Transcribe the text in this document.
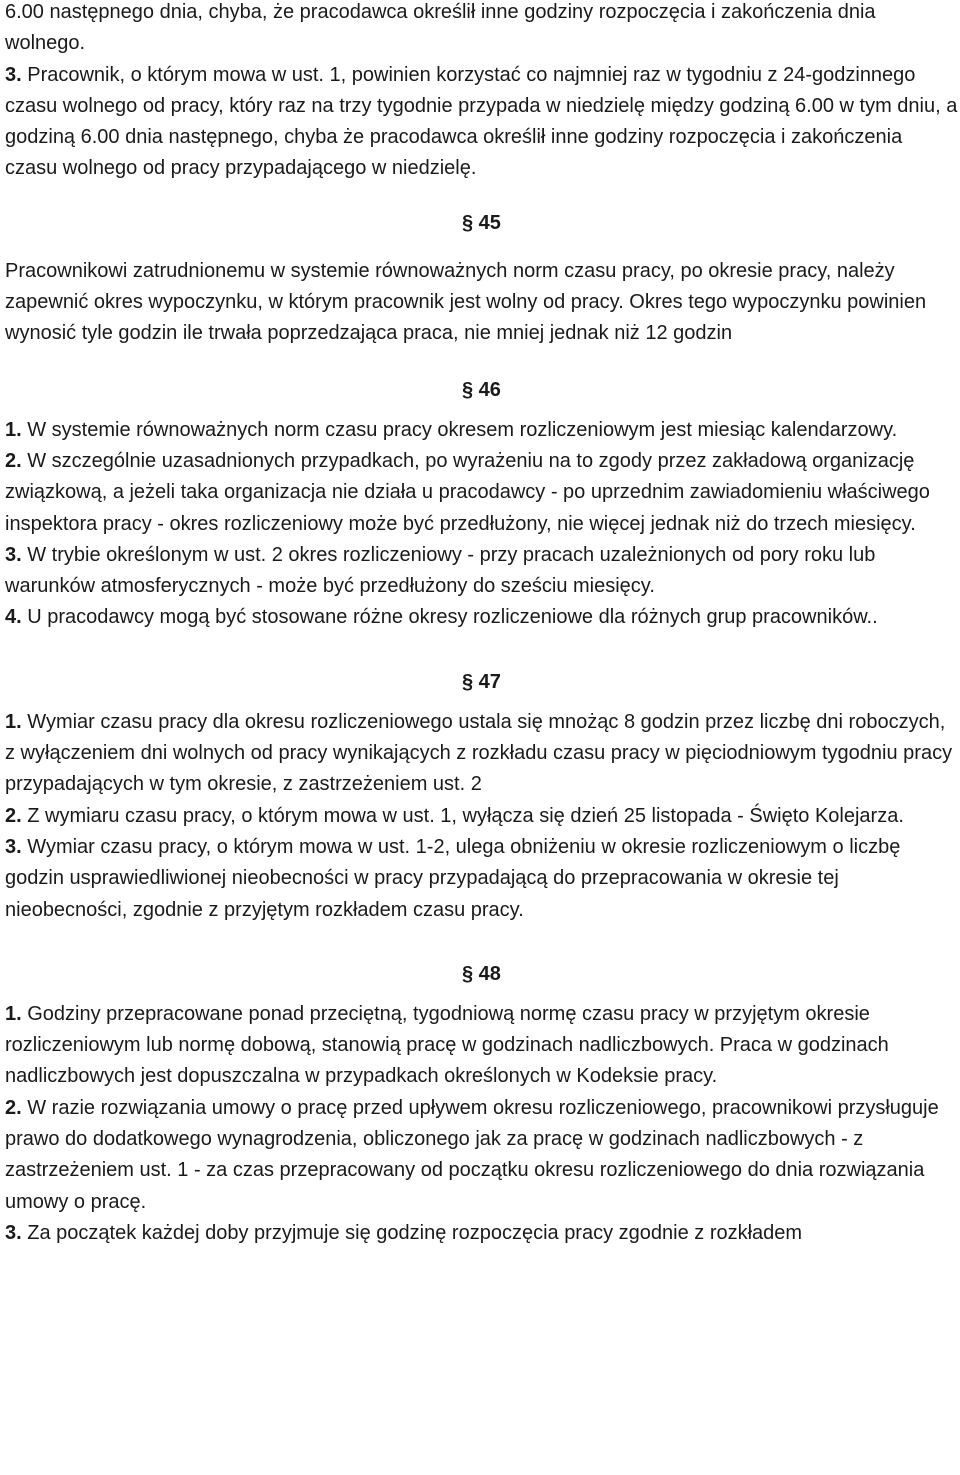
6.00 następnego dnia, chyba, że pracodawca określił inne godziny rozpoczęcia i zakończenia dnia wolnego.
3. Pracownik, o którym mowa w ust. 1, powinien korzystać co najmniej raz w tygodniu z 24-godzinnego czasu wolnego od pracy, który raz na trzy tygodnie przypada w niedzielę między godziną 6.00 w tym dniu, a godziną 6.00 dnia następnego, chyba że pracodawca określił inne godziny rozpoczęcia i zakończenia czasu wolnego od pracy przypadającego w niedzielę.

§ 45

Pracownikowi zatrudnionemu w systemie równoważnych norm czasu pracy, po okresie pracy, należy zapewnić okres wypoczynku, w którym pracownik jest wolny od pracy. Okres tego wypoczynku powinien wynosić tyle godzin ile trwała poprzedzająca praca, nie mniej jednak niż 12 godzin

§ 46

1. W systemie równoważnych norm czasu pracy okresem rozliczeniowym jest miesiąc kalendarzowy.
2. W szczególnie uzasadnionych przypadkach, po wyrażeniu na to zgody przez zakładową organizację związkową, a jeżeli taka organizacja nie działa u pracodawcy - po uprzednim zawiadomieniu właściwego inspektora pracy - okres rozliczeniowy może być przedłużony, nie więcej jednak niż do trzech miesięcy.
3. W trybie określonym w ust. 2 okres rozliczeniowy - przy pracach uzależnionych od pory roku lub warunków atmosferycznych - może być przedłużony do sześciu miesięcy.
4. U pracodawcy mogą być stosowane różne okresy rozliczeniowe dla różnych grup pracowników..

§ 47

1. Wymiar czasu pracy dla okresu rozliczeniowego ustala się mnożąc 8 godzin przez liczbę dni roboczych, z wyłączeniem dni wolnych od pracy wynikających z rozkładu czasu pracy w pięciodniowym tygodniu pracy przypadających w tym okresie, z zastrzeżeniem ust. 2
2. Z wymiaru czasu pracy, o którym mowa w ust. 1, wyłącza się dzień 25 listopada - Święto Kolejarza.
3. Wymiar czasu pracy, o którym mowa w ust. 1-2, ulega obniżeniu w okresie rozliczeniowym o liczbę godzin usprawiedliwionej nieobecności w pracy przypadającą do przepracowania w okresie tej nieobecności, zgodnie z przyjętym rozkładem czasu pracy.

§ 48

1. Godziny przepracowane ponad przeciętną, tygodniową normę czasu pracy w przyjętym okresie rozliczeniowym lub normę dobową, stanowią pracę w godzinach nadliczbowych. Praca w godzinach nadliczbowych jest dopuszczalna w przypadkach określonych w Kodeksie pracy.
2. W razie rozwiązania umowy o pracę przed upływem okresu rozliczeniowego, pracownikowi przysługuje prawo do dodatkowego wynagrodzenia, obliczonego jak za pracę w godzinach nadliczbowych - z zastrzeżeniem ust. 1 - za czas przepracowany od początku okresu rozliczeniowego do dnia rozwiązania umowy o pracę.
3. Za początek każdej doby przyjmuje się godzinę rozpoczęcia pracy zgodnie z rozkładem
